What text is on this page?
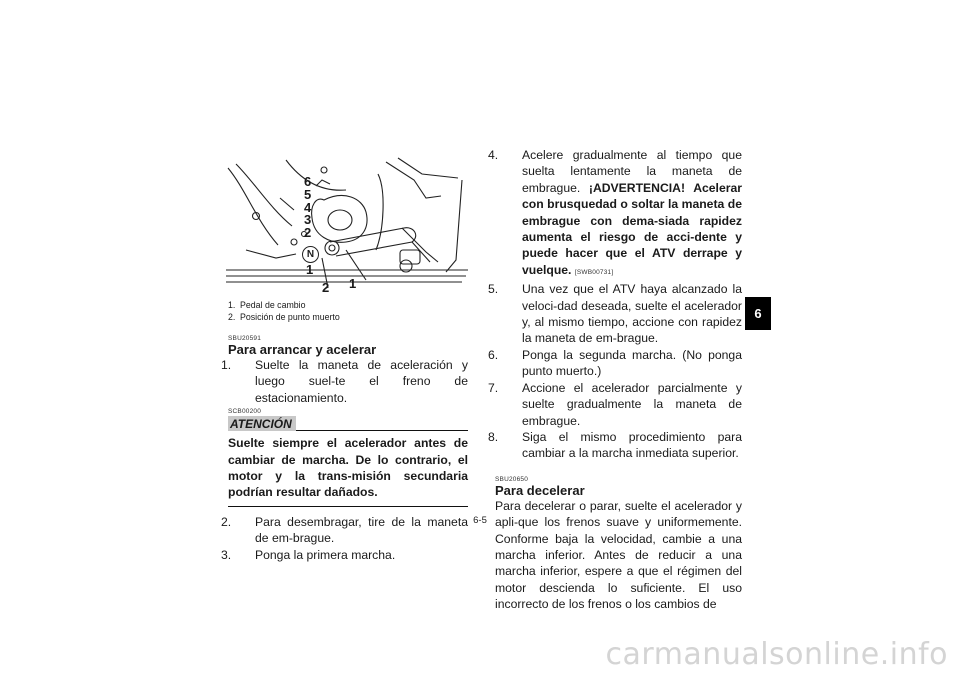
6
6
5
4
3
2
N
1
2 1
1. Pedal de cambio
2. Posición de punto muerto
SBU20591
Para arrancar y acelerar

1. Suelte la maneta de aceleración y luego suel-te el freno de estacionamiento.

SCB00200
ATENCIÓN

Suelte siempre el acelerador antes de cambiar de marcha. De lo contrario, el motor y la trans-misión secundaria podrían resultar dañados.

2. Para desembragar, tire de la maneta de em-brague.

3. Ponga la primera marcha.

4. Acelere gradualmente al tiempo que suelta lentamente la maneta de embrague. ¡ADVERTENCIA! Acelerar con brusquedad o soltar la maneta de embrague con dema-siada rapidez aumenta el riesgo de acci-dente y puede hacer que el ATV derrape y vuelque. [SWB00731]

5. Una vez que el ATV haya alcanzado la veloci-dad deseada, suelte el acelerador y, al mismo tiempo, accione con rapidez la maneta de em-brague.

6. Ponga la segunda marcha. (No ponga punto muerto.)

7. Accione el acelerador parcialmente y suelte gradualmente la maneta de embrague.

8. Siga el mismo procedimiento para cambiar a la marcha inmediata superior.

SBU20650
Para decelerar

Para decelerar o parar, suelte el acelerador y apli-que los frenos suave y uniformemente. Conforme baja la velocidad, cambie a una marcha inferior. Antes de reducir a una marcha inferior, espere a que el régimen del motor descienda lo suficiente. El uso incorrecto de los frenos o los cambios de

6-5
carmanualsonline.info
